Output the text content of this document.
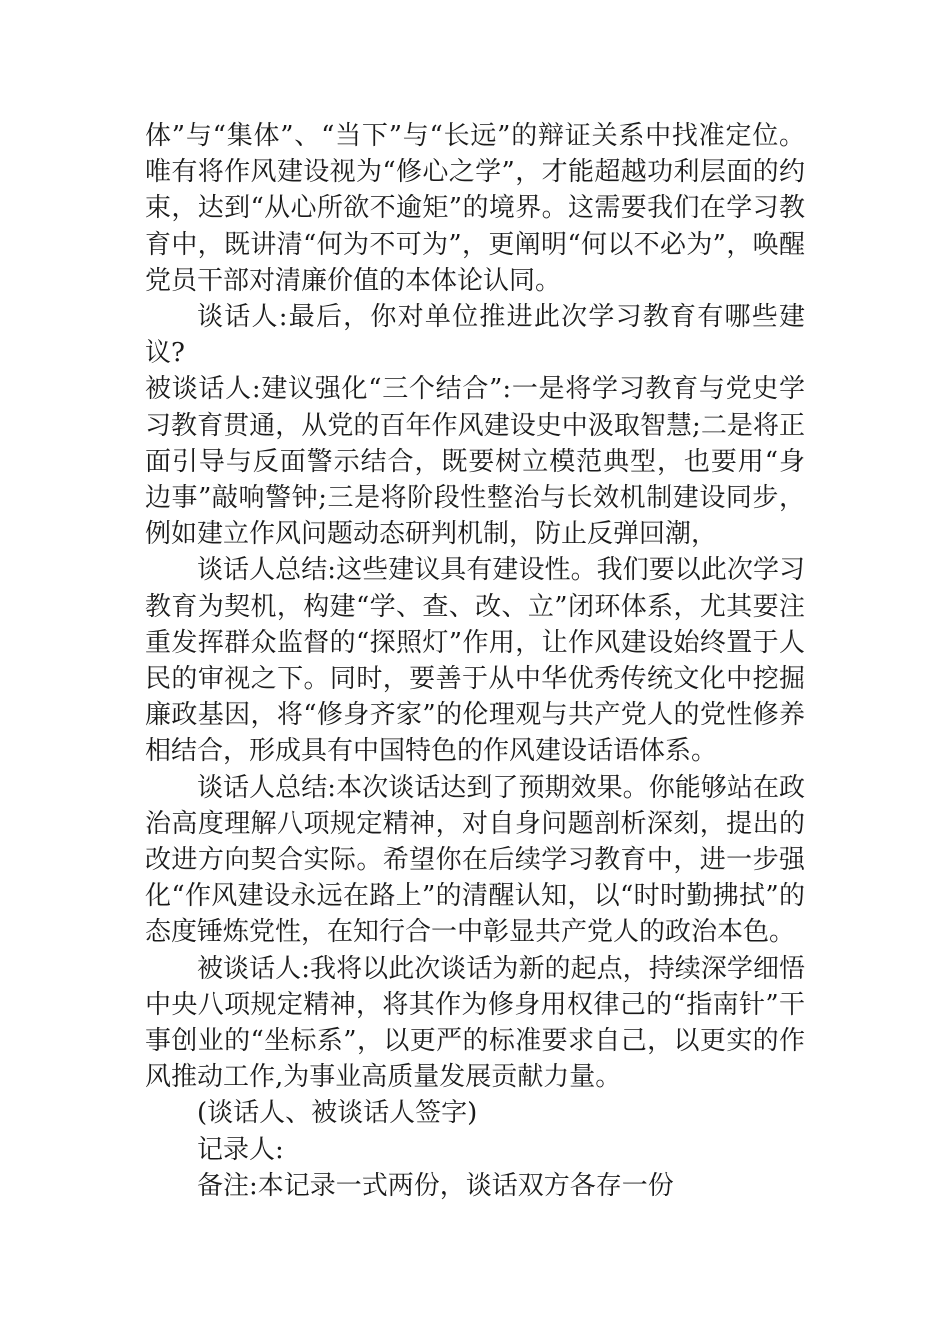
体”与“集体”、“当下”与“长远”的辩证关系中找准定位。唯有将作风建设视为“修心之学”，才能超越功利层面的约束，达到“从心所欲不逾矩”的境界。这需要我们在学习教育中，既讲清“何为不可为”，更阐明“何以不必为”，唤醒党员干部对清廉价值的本体论认同。

谈话人:最后，你对单位推进此次学习教育有哪些建议?

被谈话人:建议强化“三个结合”:一是将学习教育与党史学习教育贯通，从党的百年作风建设史中汲取智慧;二是将正面引导与反面警示结合，既要树立模范典型，也要用“身边事”敲响警钟;三是将阶段性整治与长效机制建设同步，例如建立作风问题动态研判机制，防止反弹回潮，

谈话人总结:这些建议具有建设性。我们要以此次学习教育为契机，构建“学、查、改、立”闭环体系，尤其要注重发挥群众监督的“探照灯”作用，让作风建设始终置于人民的审视之下。同时，要善于从中华优秀传统文化中挖掘廉政基因，将“修身齐家”的伦理观与共产党人的党性修养相结合，形成具有中国特色的作风建设话语体系。

谈话人总结:本次谈话达到了预期效果。你能够站在政治高度理解八项规定精神，对自身问题剖析深刻，提出的改进方向契合实际。希望你在后续学习教育中，进一步强化“作风建设永远在路上”的清醒认知，以“时时勤拂拭”的态度锤炼党性，在知行合一中彰显共产党人的政治本色。

被谈话人:我将以此次谈话为新的起点，持续深学细悟中央八项规定精神，将其作为修身用权律己的“指南针”干事创业的“坐标系”，以更严的标准要求自己，以更实的作风推动工作,为事业高质量发展贡献力量。

(谈话人、被谈话人签字)

记录人:

备注:本记录一式两份，谈话双方各存一份
